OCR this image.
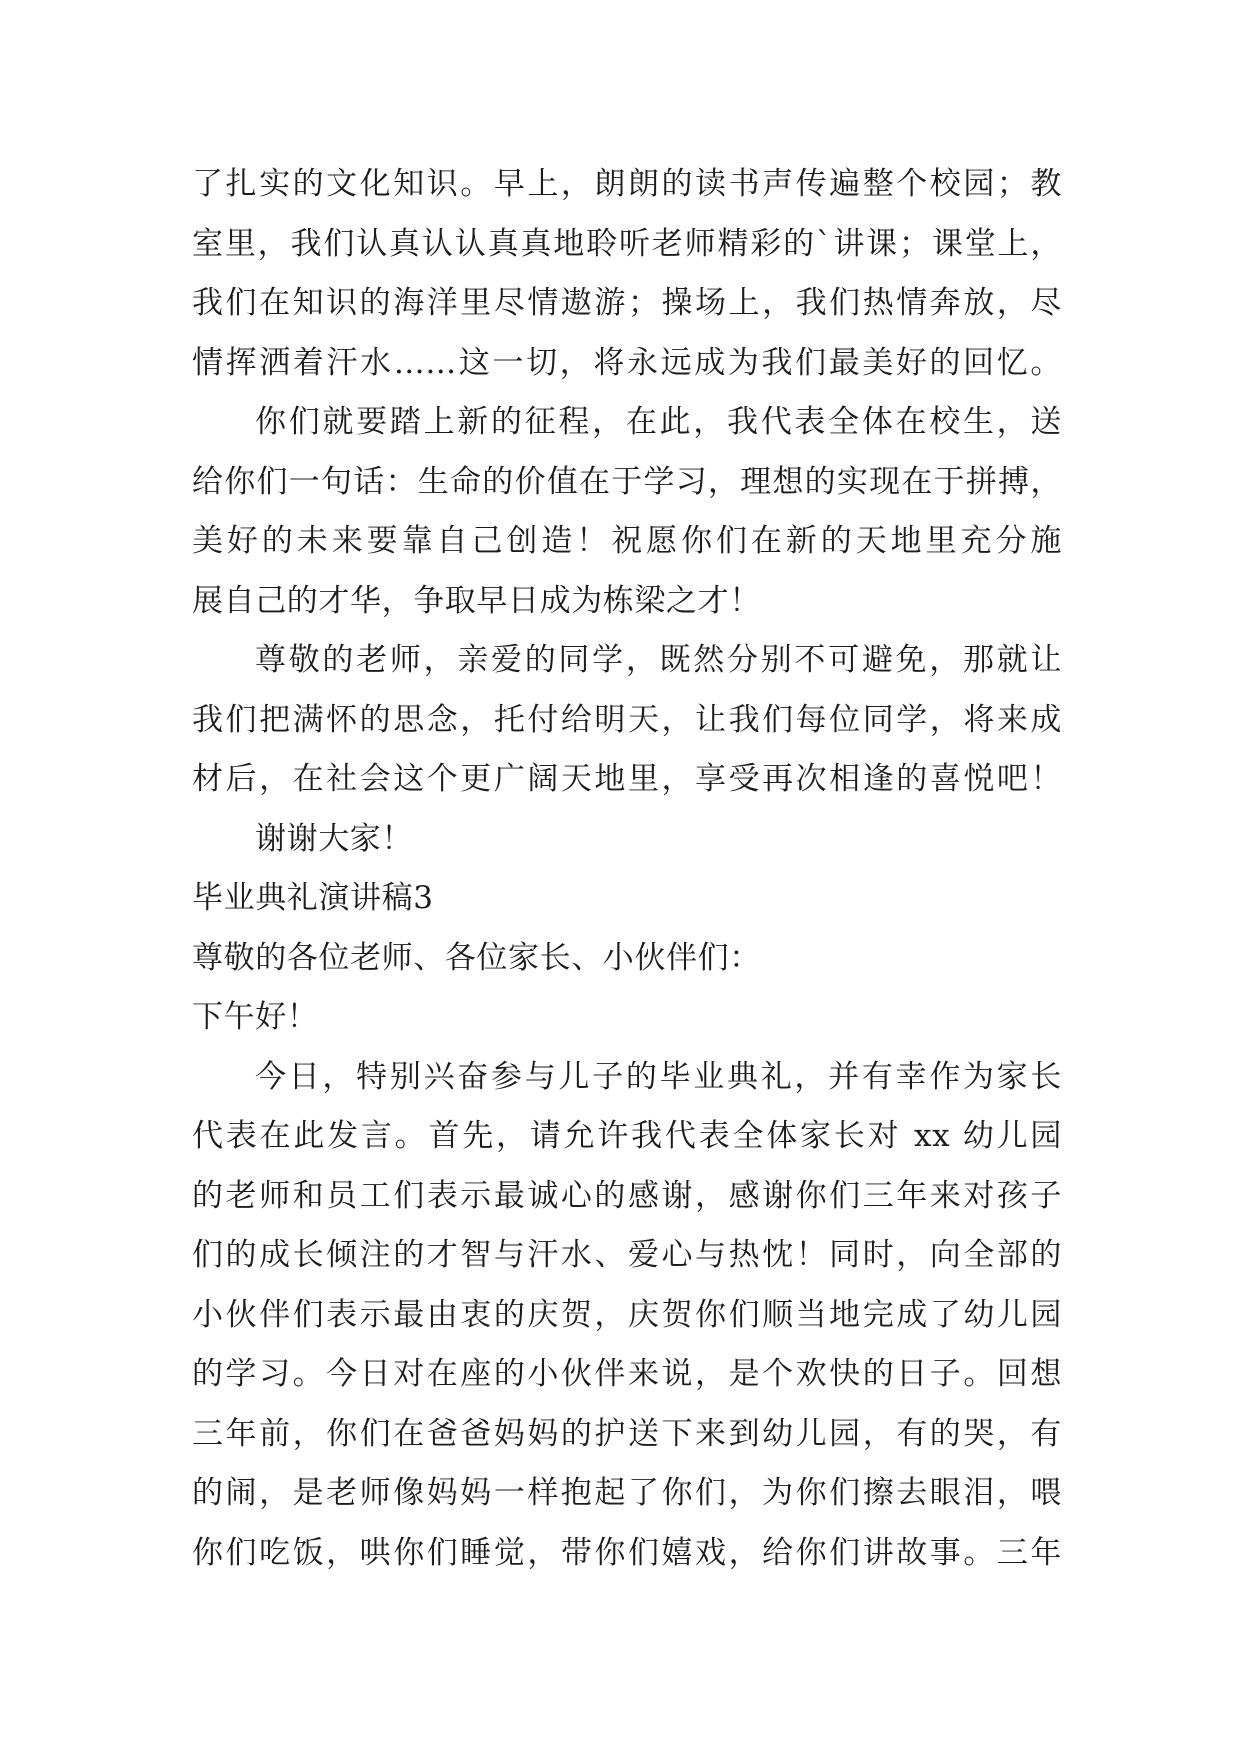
了扎实的文化知识。早上，朗朗的读书声传遍整个校园；教
室里，我们认真认认真真地聆听老师精彩的`讲课；课堂上，
我们在知识的海洋里尽情遨游；操场上，我们热情奔放，尽
情挥洒着汗水……这一切，将永远成为我们最美好的回忆。
你们就要踏上新的征程，在此，我代表全体在校生，送
给你们一句话：生命的价值在于学习，理想的实现在于拼搏，
美好的未来要靠自己创造！祝愿你们在新的天地里充分施
展自己的才华，争取早日成为栋梁之才！
尊敬的老师，亲爱的同学，既然分别不可避免，那就让
我们把满怀的思念，托付给明天，让我们每位同学，将来成
材后，在社会这个更广阔天地里，享受再次相逢的喜悦吧！
谢谢大家！
毕业典礼演讲稿3
尊敬的各位老师、各位家长、小伙伴们：
下午好！
今日，特别兴奋参与儿子的毕业典礼，并有幸作为家长
代表在此发言。首先，请允许我代表全体家长对 xx 幼儿园
的老师和员工们表示最诚心的感谢，感谢你们三年来对孩子
们的成长倾注的才智与汗水、爱心与热忱！同时，向全部的
小伙伴们表示最由衷的庆贺，庆贺你们顺当地完成了幼儿园
的学习。今日对在座的小伙伴来说，是个欢快的日子。回想
三年前，你们在爸爸妈妈的护送下来到幼儿园，有的哭，有
的闹，是老师像妈妈一样抱起了你们，为你们擦去眼泪，喂
你们吃饭，哄你们睡觉，带你们嬉戏，给你们讲故事。三年
